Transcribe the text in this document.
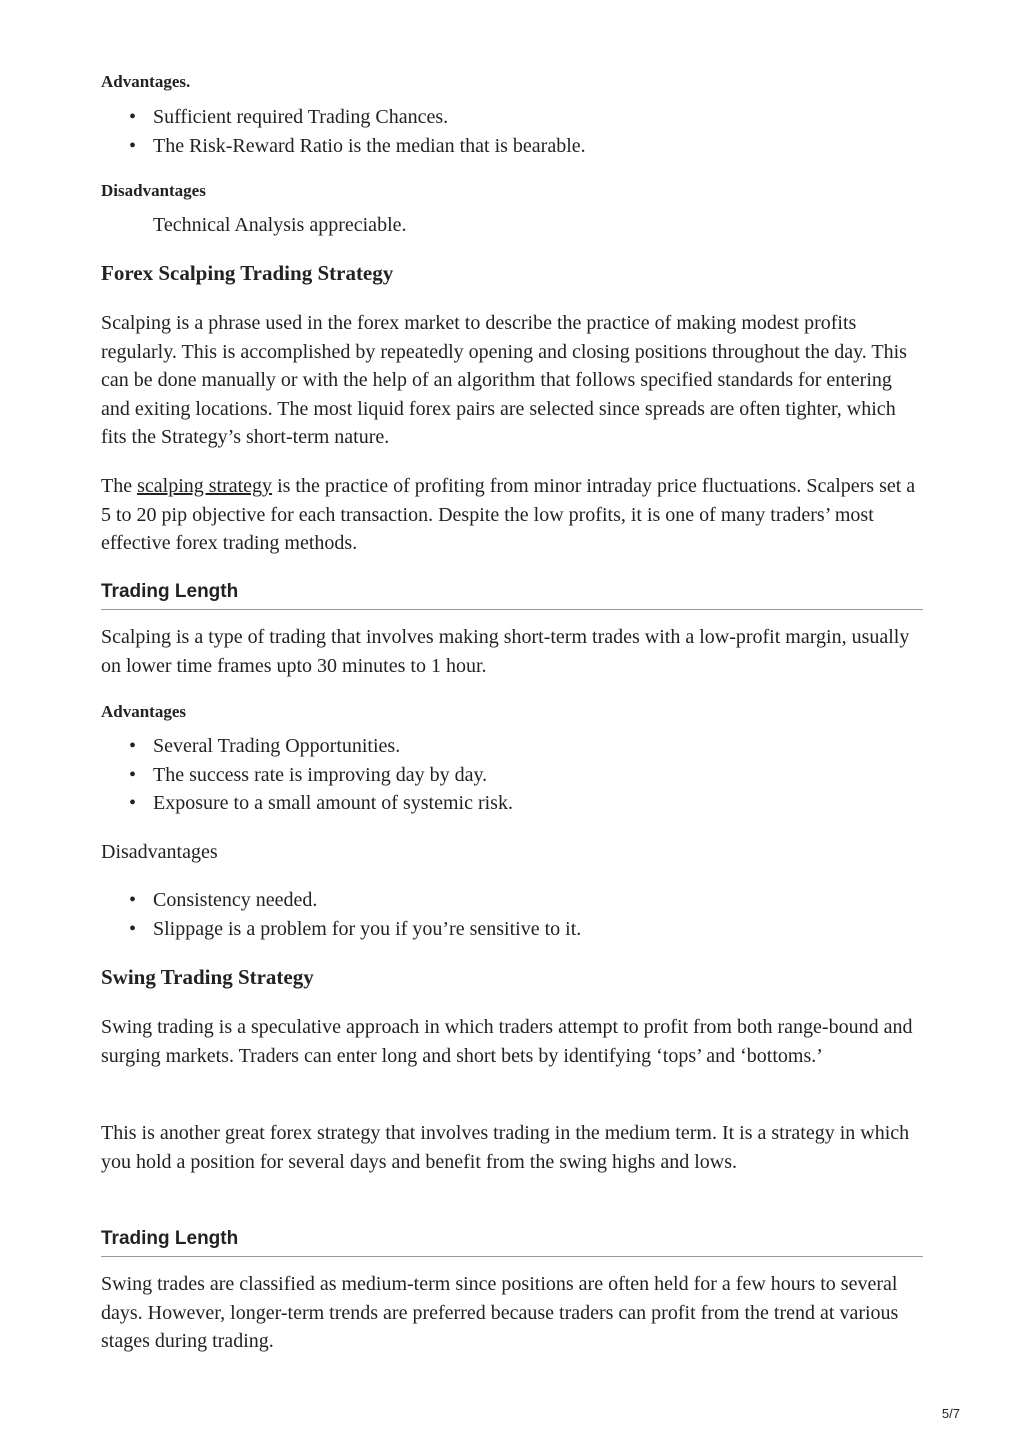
Advantages.
• Sufficient required Trading Chances.
• The Risk-Reward Ratio is the median that is bearable.
Disadvantages
Technical Analysis appreciable.
Forex Scalping Trading Strategy

Scalping is a phrase used in the forex market to describe the practice of making modest profits regularly. This is accomplished by repeatedly opening and closing positions throughout the day. This can be done manually or with the help of an algorithm that follows specified standards for entering and exiting locations. The most liquid forex pairs are selected since spreads are often tighter, which fits the Strategy’s short-term nature.

The scalping strategy is the practice of profiting from minor intraday price fluctuations. Scalpers set a 5 to 20 pip objective for each transaction. Despite the low profits, it is one of many traders’ most effective forex trading methods.

Trading Length

Scalping is a type of trading that involves making short-term trades with a low-profit margin, usually on lower time frames upto 30 minutes to 1 hour.

Advantages
• Several Trading Opportunities.
• The success rate is improving day by day.
• Exposure to a small amount of systemic risk.
Disadvantages
• Consistency needed.
• Slippage is a problem for you if you’re sensitive to it.
Swing Trading Strategy

Swing trading is a speculative approach in which traders attempt to profit from both range-bound and surging markets. Traders can enter long and short bets by identifying ‘tops’ and ‘bottoms.’

This is another great forex strategy that involves trading in the medium term. It is a strategy in which you hold a position for several days and benefit from the swing highs and lows.

Trading Length

Swing trades are classified as medium-term since positions are often held for a few hours to several days. However, longer-term trends are preferred because traders can profit from the trend at various stages during trading.

5/7
